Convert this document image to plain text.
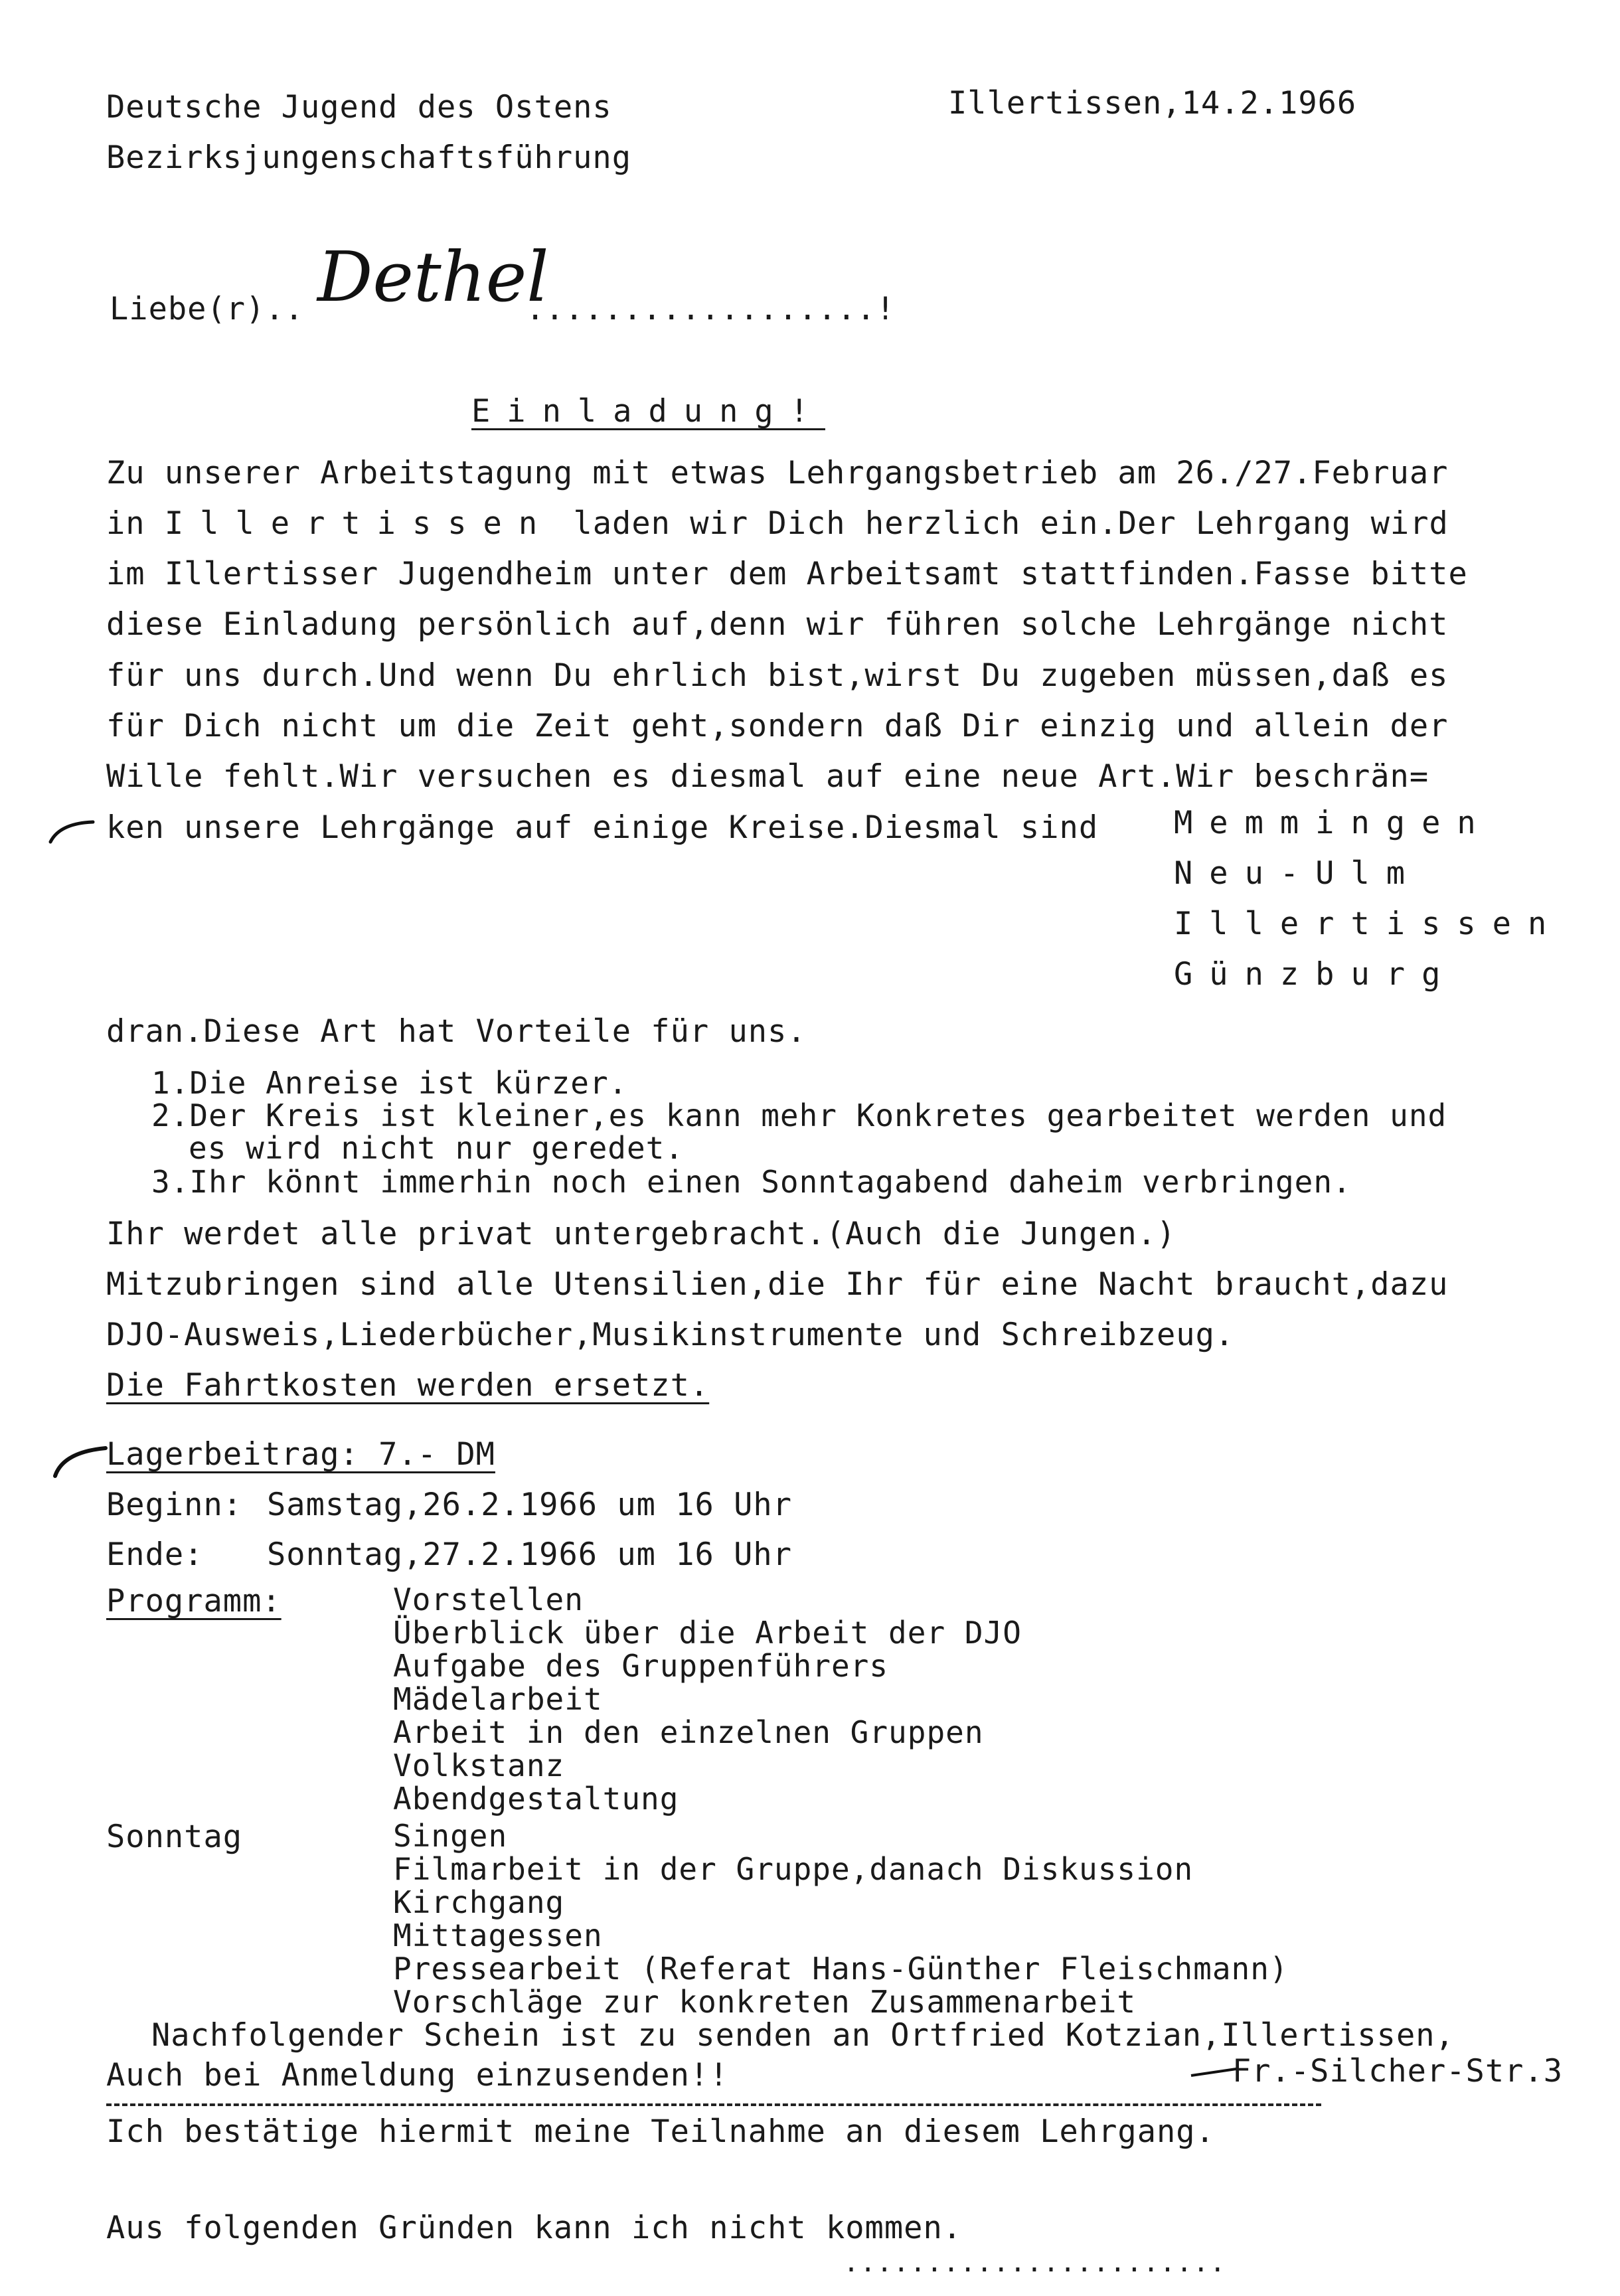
Deutsche Jugend des Ostens
Bezirksjungenschaftsführung
Illertissen,14.2.1966
Liebe(r).. Dethel
..................!
Einladung!
Zu unserer Arbeitstagung mit etwas Lehrgangsbetrieb am 26./27.Februar
in Illertissen laden wir Dich herzlich ein.Der Lehrgang wird
im Illertisser Jugendheim unter dem Arbeitsamt stattfinden.Fasse bitte
diese Einladung persönlich auf,denn wir führen solche Lehrgänge nicht
für uns durch.Und wenn Du ehrlich bist,wirst Du zugeben müssen,daß es
für Dich nicht um die Zeit geht,sondern daß Dir einzig und allein der
Wille fehlt.Wir versuchen es diesmal auf eine neue Art.Wir beschrän=
ken unsere Lehrgänge auf einige Kreise.Diesmal sind Memmingen
Neu-Ulm
Illertissen
Günzburg
dran.Diese Art hat Vorteile für uns.
1.Die Anreise ist kürzer.
2.Der Kreis ist kleiner,es kann mehr Konkretes gearbeitet werden und
es wird nicht nur geredet.
3.Ihr könnt immerhin noch einen Sonntagabend daheim verbringen.
Ihr werdet alle privat untergebracht.(Auch die Jungen.)
Mitzubringen sind alle Utensilien,die Ihr für eine Nacht braucht,dazu
DJO-Ausweis,Liederbücher,Musikinstrumente und Schreibzeug.
Die Fahrtkosten werden ersetzt.
Lagerbeitrag: 7.- DM
Beginn: Samstag,26.2.1966 um 16 Uhr
Ende: Sonntag,27.2.1966 um 16 Uhr
Programm:
Sonntag
Vorstellen
Überblick über die Arbeit der DJO
Aufgabe des Gruppenführers
Mädelarbeit
Arbeit in den einzelnen Gruppen
Volkstanz
Abendgestaltung
Singen
Filmarbeit in der Gruppe,danach Diskussion
Kirchgang
Mittagessen
Pressearbeit (Referat Hans-Günther Fleischmann)
Vorschläge zur konkreten Zusammenarbeit
Nachfolgender Schein ist zu senden an Ortfried Kotzian,Illertissen,
Auch bei Anmeldung einzusenden!!	Fr.-Silcher-Str.3
Ich bestätige hiermit meine Teilnahme an diesem Lehrgang.
Aus folgenden Gründen kann ich nicht kommen.
.......................
